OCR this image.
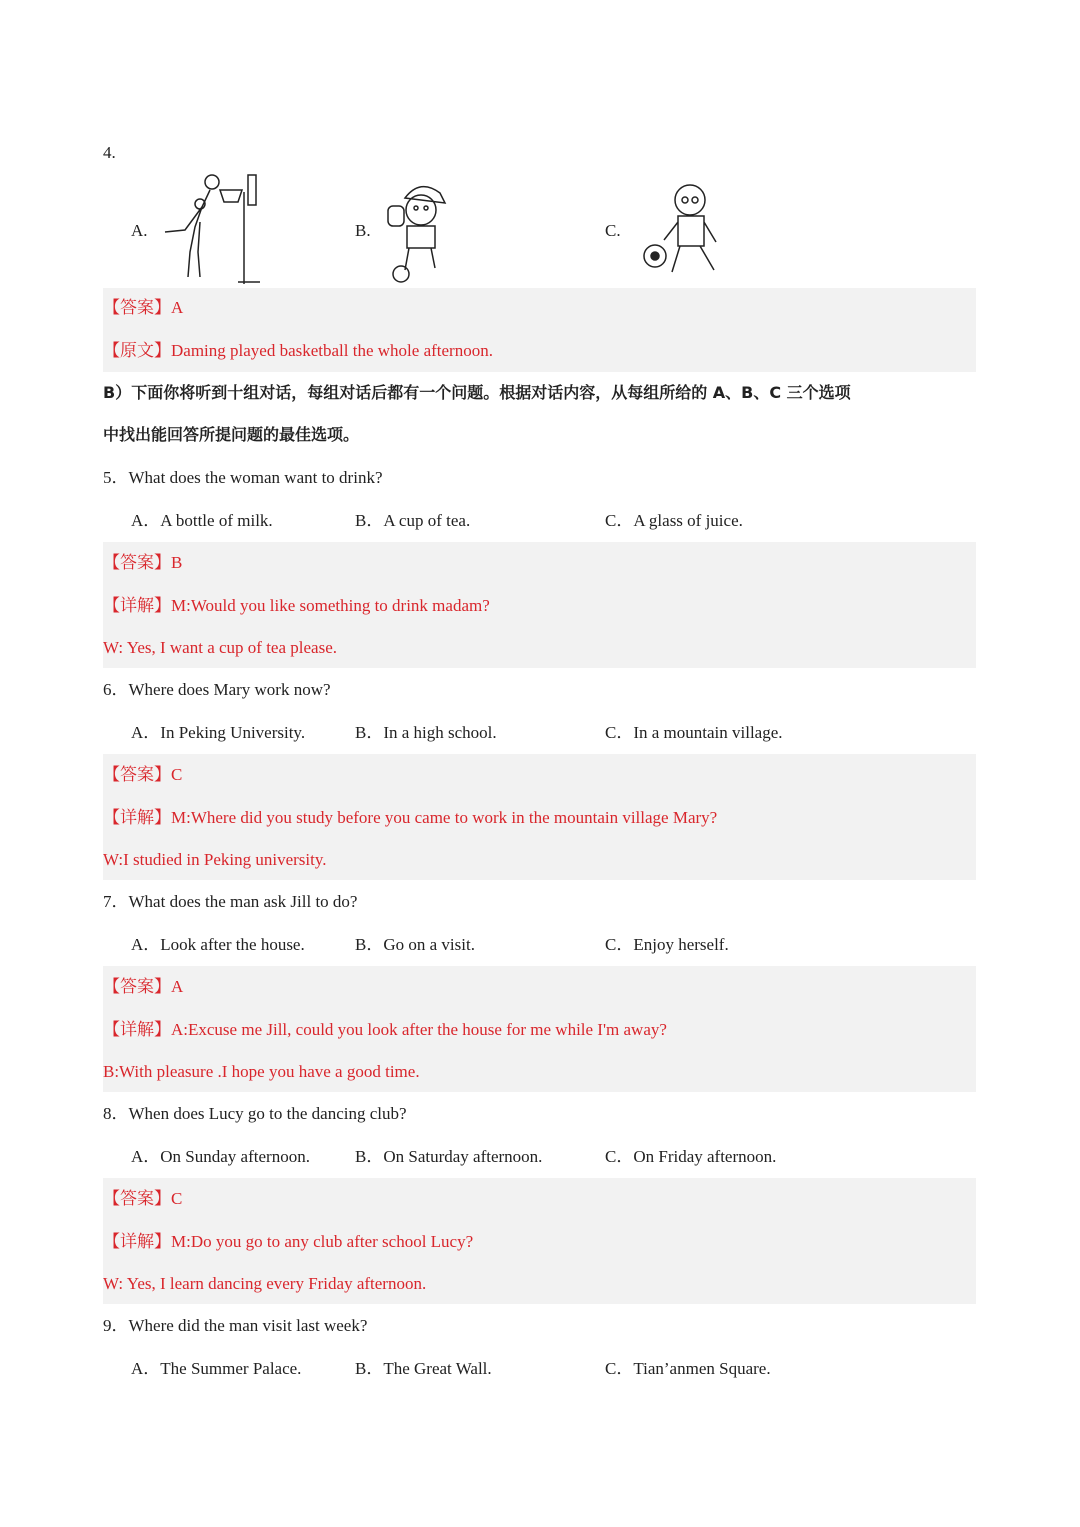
4.
A.	B.	C.
【答案】A
【原文】Daming played basketball the whole afternoon.
B）下面你将听到十组对话，每组对话后都有一个问题。根据对话内容，从每组所给的 A、B、C 三个选项
中找出能回答所提问题的最佳选项。
5．What does the woman want to drink?
A．A bottle of milk.	B．A cup of tea.	C．A glass of juice.
【答案】B
【详解】M:Would you like something to drink madam?
W: Yes, I want a cup of tea please.
6．Where does Mary work now?
A．In Peking University.	B．In a high school.	C．In a mountain village.
【答案】C
【详解】M:Where did you study before you came to work in the mountain village Mary?
W:I studied in Peking university.
7．What does the man ask Jill to do?
A．Look after the house.	B．Go on a visit.	C．Enjoy herself.
【答案】A
【详解】A:Excuse me Jill, could you look after the house for me while I'm away?
B:With pleasure .I hope you have a good time.
8．When does Lucy go to the dancing club?
A．On Sunday afternoon.	B．On Saturday afternoon.	C．On Friday afternoon.
【答案】C
【详解】M:Do you go to any club after school Lucy?
W: Yes, I learn dancing every Friday afternoon.
9．Where did the man visit last week?
A．The Summer Palace.	B．The Great Wall.	C．Tian’anmen Square.
